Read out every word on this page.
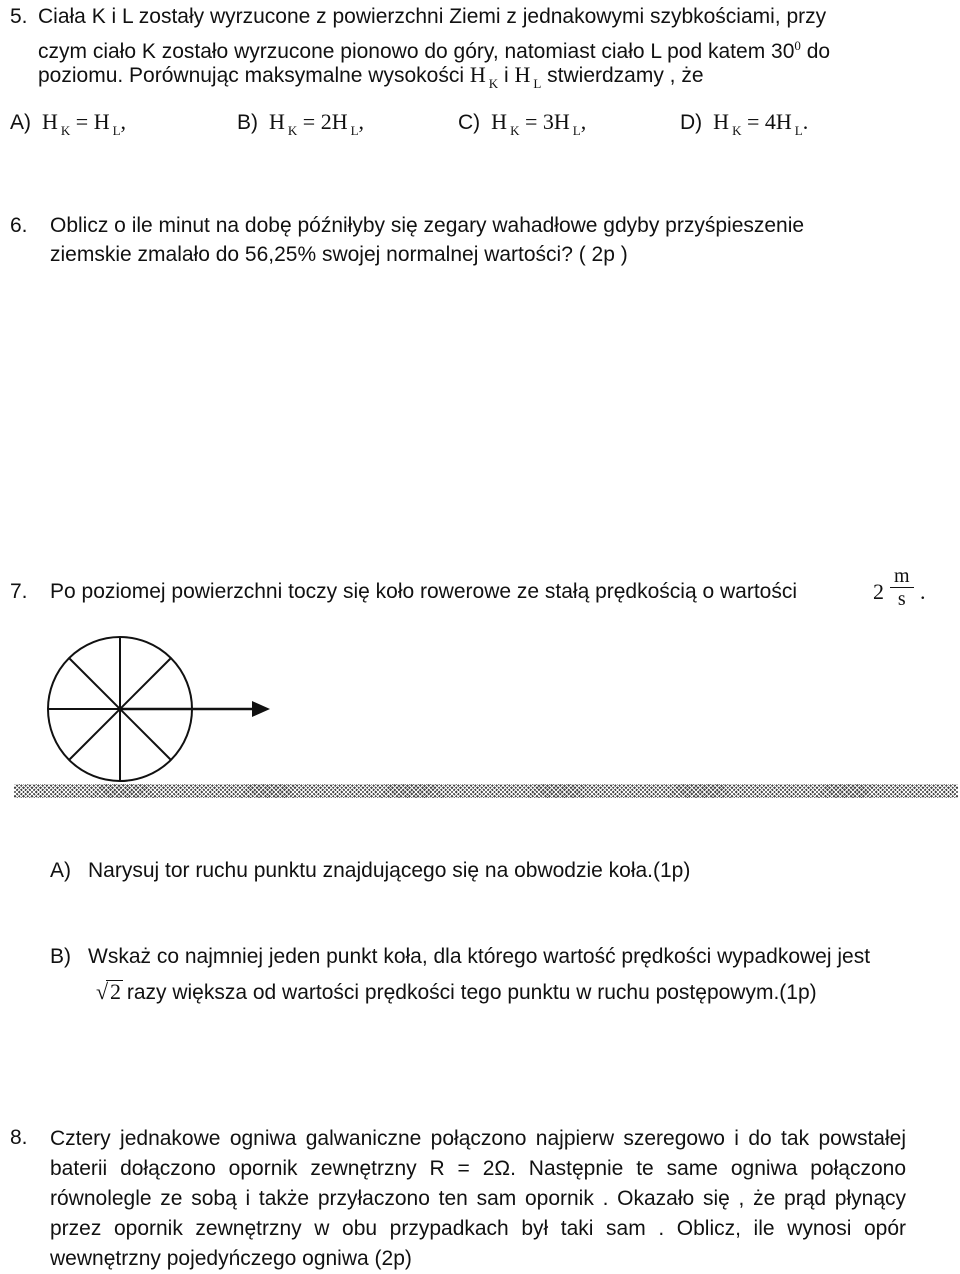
5. Ciała K i L zostały wyrzucone z powierzchni Ziemi z jednakowymi szybkościami, przy
czym ciało K zostało wyrzucone pionowo do góry, natomiast ciało L pod katem $30^0$ do
poziomu. Porównując maksymalne wysokości H $_K$ i H $_L$ stwierdzamy , że
A) H $_K$ = H $_L$,	B) H $_K$ = 2H $_L$,	C) H $_K$ = 3H $_L$,	D) H $_K$ = 4H $_L$.
6. Oblicz o ile minut na dobę późniłyby się zegary wahadłowe gdyby przyśpieszenie
ziemskie zmalało do 56,25% swojej normalnej wartości? ( 2p )
7. Po poziomej powierzchni toczy się koło rowerowe ze stałą prędkością o wartości	$2 \frac{m}{s}$ .
A) Narysuj tor ruchu punktu znajdującego się na obwodzie koła.(1p)
B) Wskaż co najmniej jeden punkt koła, dla którego wartość prędkości wypadkowej jest
√ 2 razy większa od wartości prędkości tego punktu w ruchu postępowym.(1p)
8. Cztery jednakowe ogniwa galwaniczne połączono najpierw szeregowo i do tak powstałej baterii dołączono opornik zewnętrzny R = 2Ω. Następnie te same ogniwa połączono równolegle ze sobą i także przyłaczono ten sam opornik . Okazało się , że prąd płynący przez opornik zewnętrzny w obu przypadkach był taki sam . Oblicz, ile wynosi opór wewnętrzny pojedyńczego ogniwa (2p)
